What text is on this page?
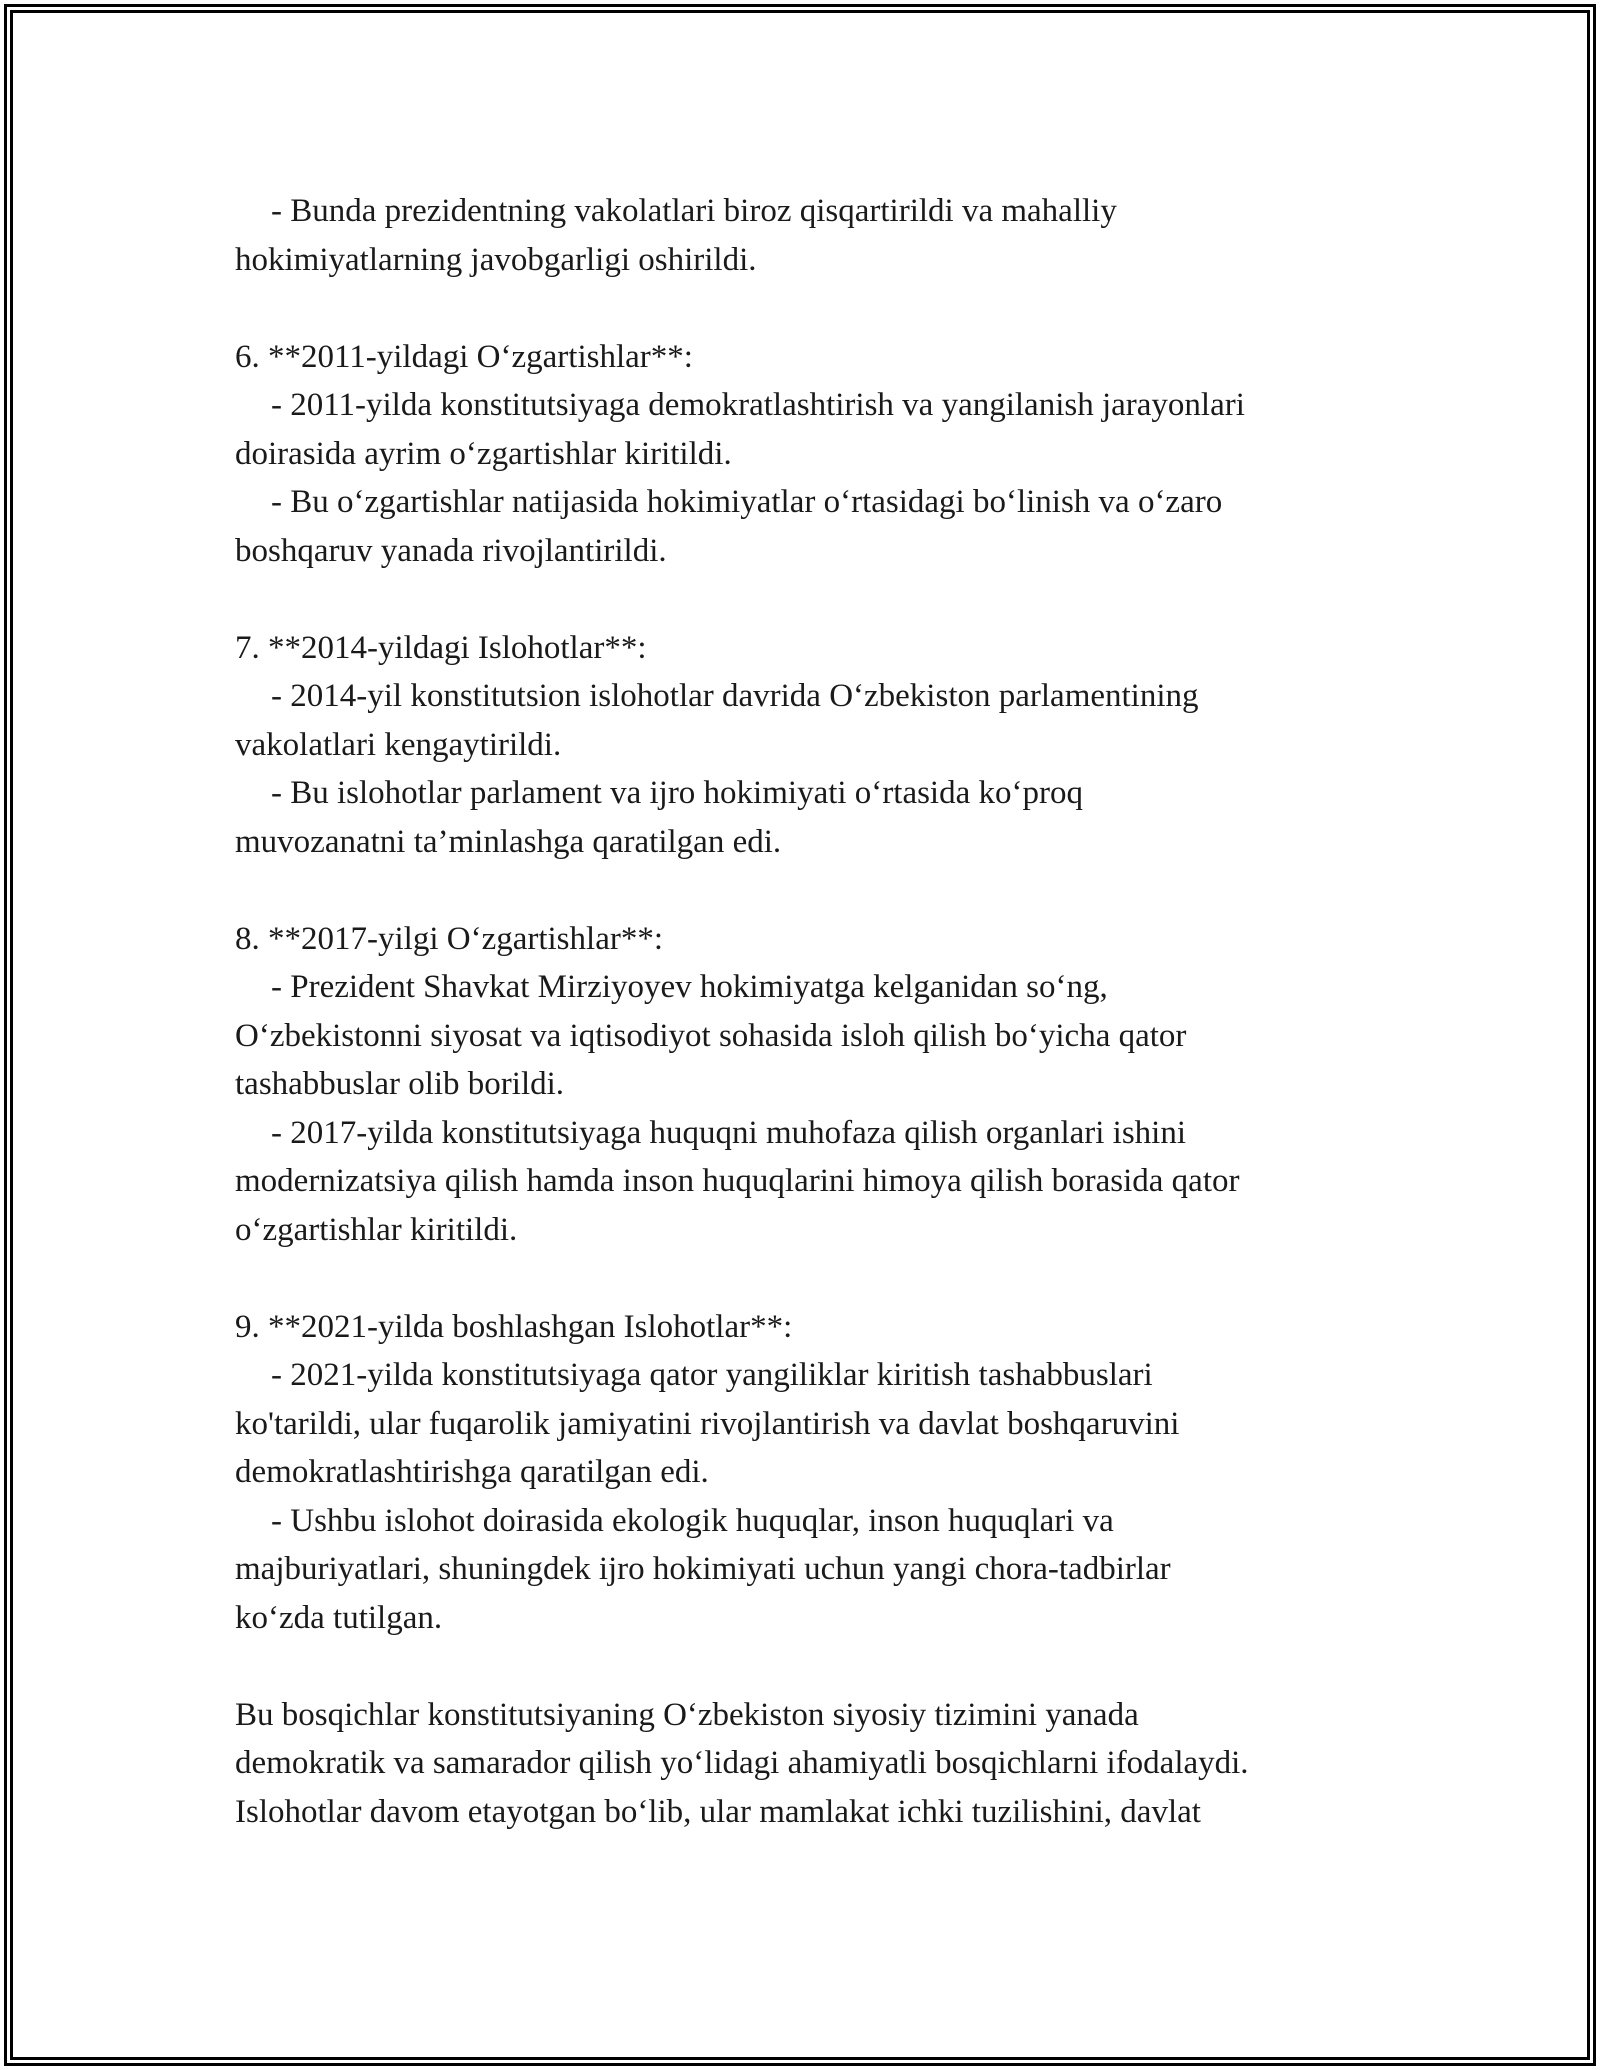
- Bunda prezidentning vakolatlari biroz qisqartirildi va mahalliy
hokimiyatlarning javobgarligi oshirildi.
6. **2011-yildagi O‘zgartishlar**:
- 2011-yilda konstitutsiyaga demokratlashtirish va yangilanish jarayonlari
doirasida ayrim o‘zgartishlar kiritildi.
- Bu o‘zgartishlar natijasida hokimiyatlar o‘rtasidagi bo‘linish va o‘zaro
boshqaruv yanada rivojlantirildi.
7. **2014-yildagi Islohotlar**:
- 2014-yil konstitutsion islohotlar davrida O‘zbekiston parlamentining
vakolatlari kengaytirildi.
- Bu islohotlar parlament va ijro hokimiyati o‘rtasida ko‘proq
muvozanatni ta’minlashga qaratilgan edi.
8. **2017-yilgi O‘zgartishlar**:
- Prezident Shavkat Mirziyoyev hokimiyatga kelganidan so‘ng,
O‘zbekistonni siyosat va iqtisodiyot sohasida isloh qilish bo‘yicha qator
tashabbuslar olib borildi.
- 2017-yilda konstitutsiyaga huquqni muhofaza qilish organlari ishini
modernizatsiya qilish hamda inson huquqlarini himoya qilish borasida qator
o‘zgartishlar kiritildi.
9. **2021-yilda boshlashgan Islohotlar**:
- 2021-yilda konstitutsiyaga qator yangiliklar kiritish tashabbuslari
ko'tarildi, ular fuqarolik jamiyatini rivojlantirish va davlat boshqaruvini
demokratlashtirishga qaratilgan edi.
- Ushbu islohot doirasida ekologik huquqlar, inson huquqlari va
majburiyatlari, shuningdek ijro hokimiyati uchun yangi chora-tadbirlar
ko‘zda tutilgan.
Bu bosqichlar konstitutsiyaning O‘zbekiston siyosiy tizimini yanada
demokratik va samarador qilish yo‘lidagi ahamiyatli bosqichlarni ifodalaydi.
Islohotlar davom etayotgan bo‘lib, ular mamlakat ichki tuzilishini, davlat
